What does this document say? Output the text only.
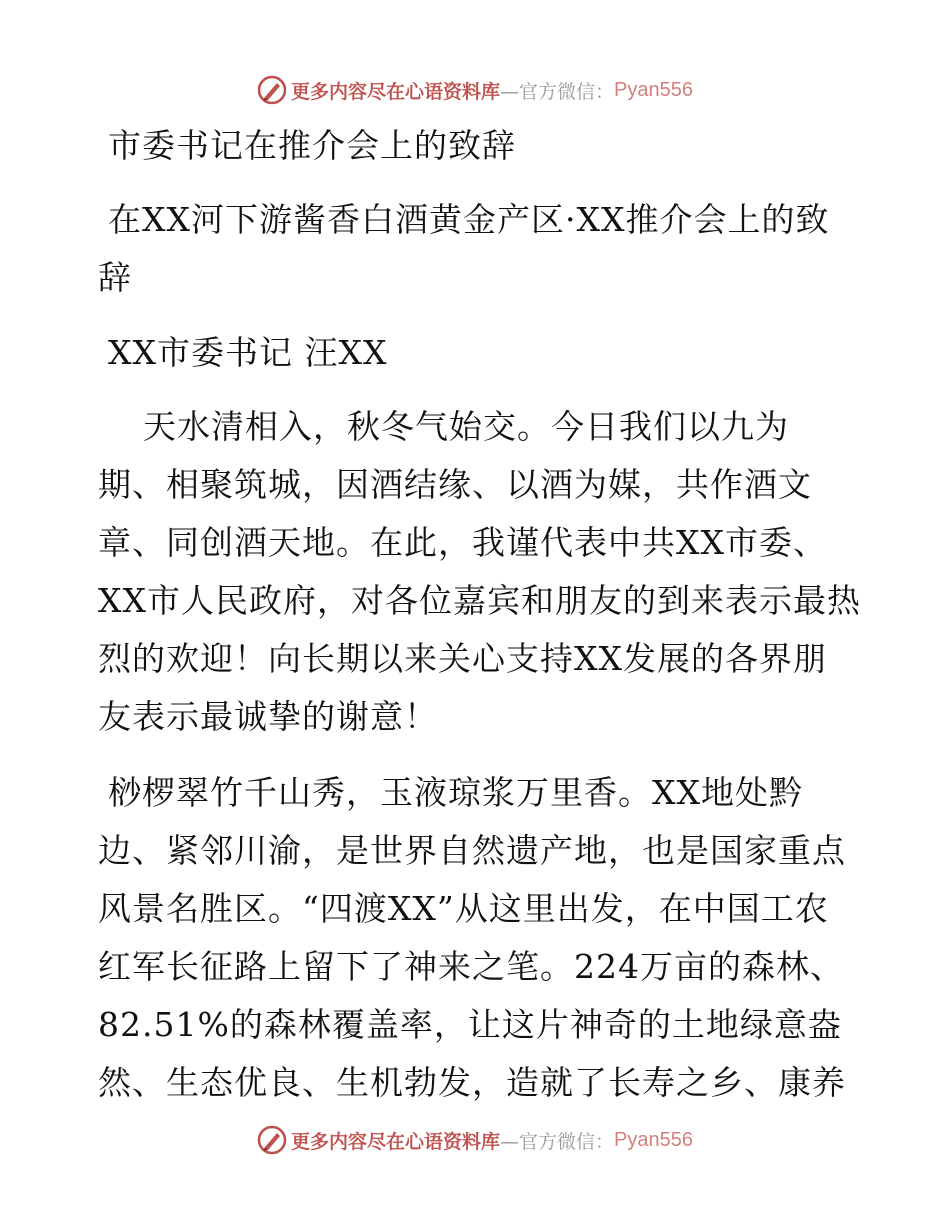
更多内容尽在心语资料库 —官方微信： Pyan556
市委书记在推介会上的致辞
在XX河下游酱香白酒黄金产区·XX推介会上的致
辞
XX市委书记 汪XX
天水清相入，秋冬气始交。今日我们以九为
期、相聚筑城，因酒结缘、以酒为媒，共作酒文
章、同创酒天地。在此，我谨代表中共XX市委、
XX市人民政府，对各位嘉宾和朋友的到来表示最热
烈的欢迎！向长期以来关心支持XX发展的各界朋
友表示最诚挚的谢意！
桫椤翠竹千山秀，玉液琼浆万里香。XX地处黔
边、紧邻川渝，是世界自然遗产地，也是国家重点
风景名胜区。“四渡XX”从这里出发，在中国工农
红军长征路上留下了神来之笔。224万亩的森林、
82.51%的森林覆盖率，让这片神奇的土地绿意盎
然、生态优良、生机勃发，造就了长寿之乡、康养
更多内容尽在心语资料库 —官方微信： Pyan556
